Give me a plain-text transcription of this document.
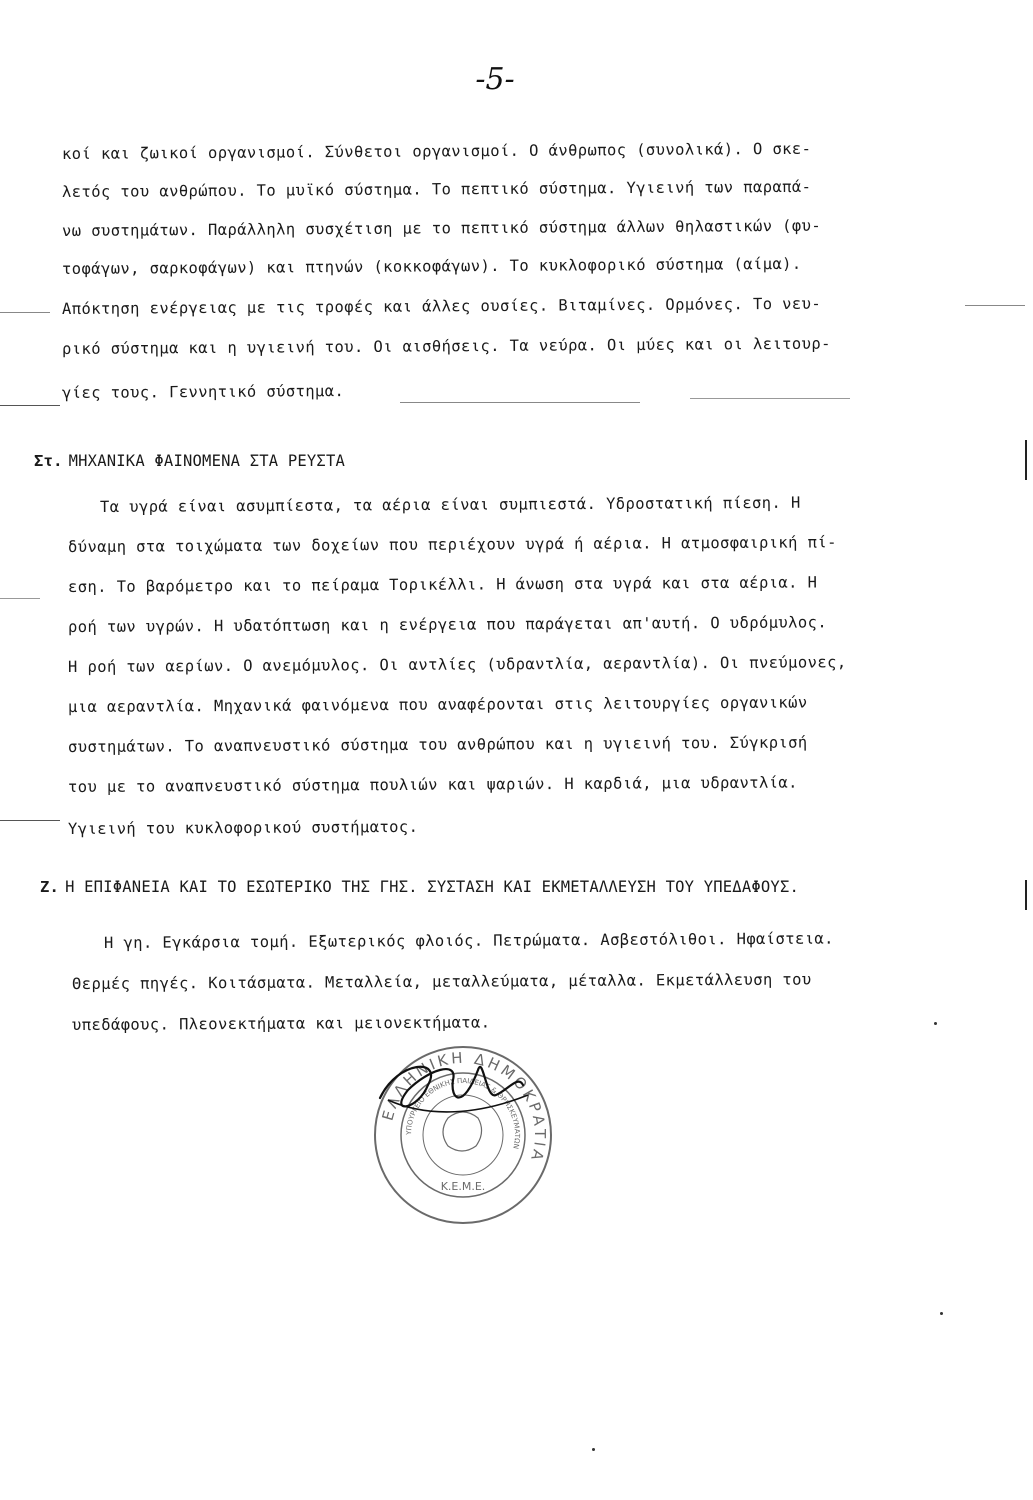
-5-
κοί και ζωικοί οργανισμοί. Σύνθετοι οργανισμοί. Ο άνθρωπος (συνολικά). Ο σκε-
λετός του ανθρώπου. Το μυϊκό σύστημα. Το πεπτικό σύστημα. Υγιεινή των παραπά-
νω συστημάτων. Παράλληλη συσχέτιση με το πεπτικό σύστημα άλλων θηλαστικών (φυ-
τοφάγων, σαρκοφάγων) και πτηνών (κοκκοφάγων). Το κυκλοφορικό σύστημα (αίμα).
Απόκτηση ενέργειας με τις τροφές και άλλες ουσίες. Βιταμίνες. Ορμόνες. Το νευ-
ρικό σύστημα και η υγιεινή του. Οι αισθήσεις. Τα νεύρα. Οι μύες και οι λειτουρ-
γίες τους. Γεννητικό σύστημα.
Στ. ΜΗΧΑΝΙΚΑ ΦΑΙΝΟΜΕΝΑ ΣΤΑ ΡΕΥΣΤΑ
Τα υγρά είναι ασυμπίεστα, τα αέρια είναι συμπιεστά. Υδροστατική πίεση. Η
δύναμη στα τοιχώματα των δοχείων που περιέχουν υγρά ή αέρια. Η ατμοσφαιρική πί-
εση. Το βαρόμετρο και το πείραμα Τορικέλλι. Η άνωση στα υγρά και στα αέρια. Η
ροή των υγρών. Η υδατόπτωση και η ενέργεια που παράγεται απ'αυτή. Ο υδρόμυλος.
Η ροή των αερίων. Ο ανεμόμυλος. Οι αντλίες (υδραντλία, αεραντλία). Οι πνεύμονες,
μια αεραντλία. Μηχανικά φαινόμενα που αναφέρονται στις λειτουργίες οργανικών
συστημάτων. Το αναπνευστικό σύστημα του ανθρώπου και η υγιεινή του. Σύγκρισή
του με το αναπνευστικό σύστημα πουλιών και ψαριών. Η καρδιά, μια υδραντλία.
Υγιεινή του κυκλοφορικού συστήματος.
Ζ. Η ΕΠΙΦΑΝΕΙΑ ΚΑΙ ΤΟ ΕΣΩΤΕΡΙΚΟ ΤΗΣ ΓΗΣ. ΣΥΣΤΑΣΗ ΚΑΙ ΕΚΜΕΤΑΛΛΕΥΣΗ ΤΟΥ ΥΠΕΔΑΦΟΥΣ.
Η γη. Εγκάρσια τομή. Εξωτερικός φλοιός. Πετρώματα. Ασβεστόλιθοι. Ηφαίστεια.
Θερμές πηγές. Κοιτάσματα. Μεταλλεία, μεταλλεύματα, μέταλλα. Εκμετάλλευση του
υπεδάφους. Πλεονεκτήματα και μειονεκτήματα.
ΕΛΛΗΝΙΚΗ ΔΗΜΟΚΡΑΤΙΑ
ΥΠΟΥΡΓΕΙΟ ΕΘΝΙΚΗΣ ΠΑΙΔΕΙΑΣ & ΘΡΗΣΚΕΥΜΑΤΩΝ
Κ.Ε.Μ.Ε.
